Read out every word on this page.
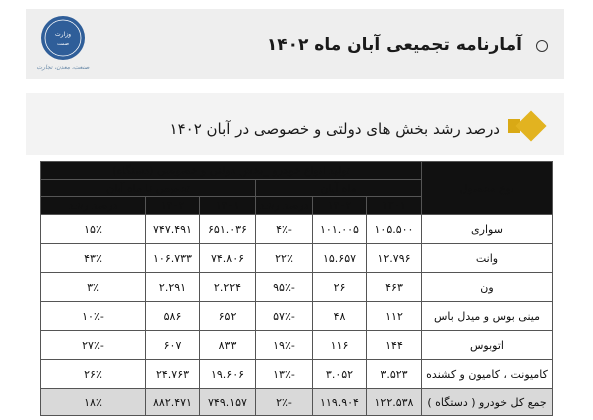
وزارت
صمت
صنعت، معدن، تجارت
آمارنامه تجمیعی آبان ماه ۱۴۰۲
درصد رشد بخش های دولتی و خصوصی در آبان ۱۴۰۲
نوع محصول	تولید انواع خودرو _بخش دولتی و خصوصی (دستگاه)					
	ماه آبان			تجمیعی تا ماه آبان		
	۱۴۰۱	۱۴۰۲	درصد رشد	۱۴۰۱	۱۴۰۲	درصد رشد
سواری	۱۰۵.۵۰۰	۱۰۱.۰۰۵	-۴٪	۶۵۱.۰۳۶	۷۴۷.۴۹۱	۱۵٪
وانت	۱۲.۷۹۶	۱۵.۶۵۷	۲۲٪	۷۴.۸۰۶	۱۰۶.۷۳۳	۴۳٪
ون	۴۶۳	۲۶	-۹۵٪	۲.۲۲۴	۲.۲۹۱	۳٪
مینی بوس و میدل باس	۱۱۲	۴۸	-۵۷٪	۶۵۲	۵۸۶	-۱۰٪
اتوبوس	۱۴۴	۱۱۶	-۱۹٪	۸۳۳	۶۰۷	-۲۷٪
کامیونت ، کامیون و کشنده	۳.۵۲۳	۳.۰۵۲	-۱۳٪	۱۹.۶۰۶	۲۴.۷۶۳	۲۶٪
جمع کل خودرو ( دستگاه )	۱۲۲.۵۳۸	۱۱۹.۹۰۴	-۲٪	۷۴۹.۱۵۷	۸۸۲.۴۷۱	۱۸٪
